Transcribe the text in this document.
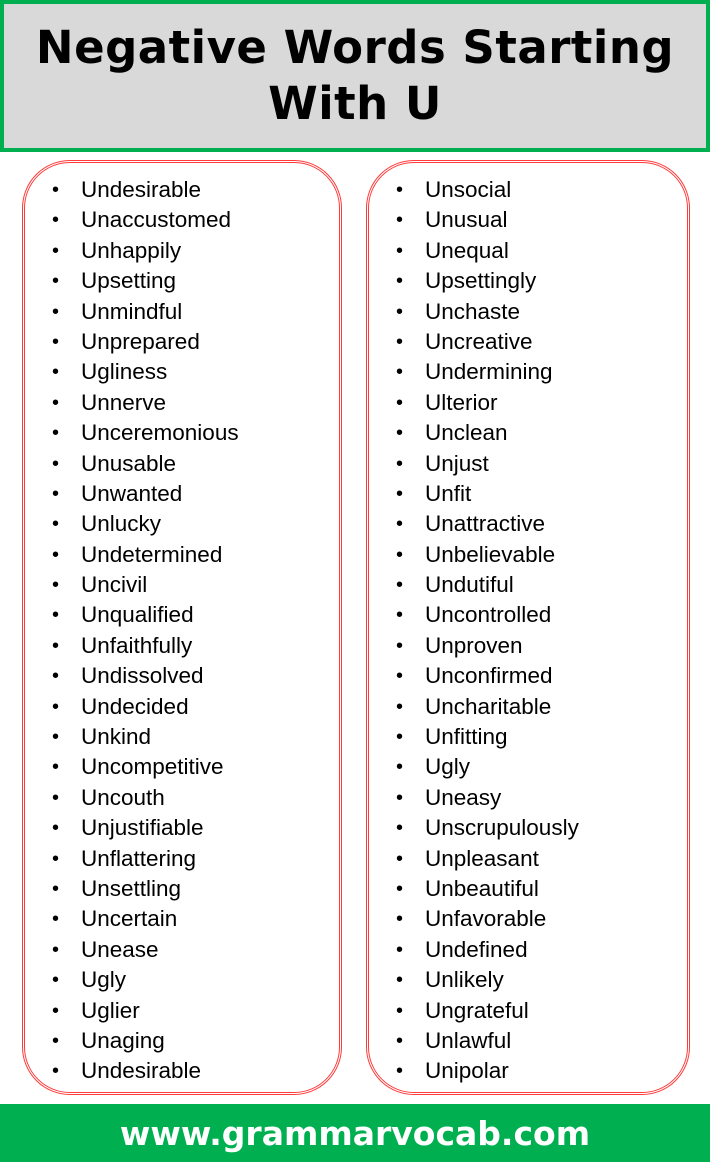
Negative Words Starting With U
• Undesirable
• Unaccustomed
• Unhappily
• Upsetting
• Unmindful
• Unprepared
• Ugliness
• Unnerve
• Unceremonious
• Unusable
• Unwanted
• Unlucky
• Undetermined
• Uncivil
• Unqualified
• Unfaithfully
• Undissolved
• Undecided
• Unkind
• Uncompetitive
• Uncouth
• Unjustifiable
• Unflattering
• Unsettling
• Uncertain
• Unease
• Ugly
• Uglier
• Unaging
• Undesirable
• Unsocial
• Unusual
• Unequal
• Upsettingly
• Unchaste
• Uncreative
• Undermining
• Ulterior
• Unclean
• Unjust
• Unfit
• Unattractive
• Unbelievable
• Undutiful
• Uncontrolled
• Unproven
• Unconfirmed
• Uncharitable
• Unfitting
• Ugly
• Uneasy
• Unscrupulously
• Unpleasant
• Unbeautiful
• Unfavorable
• Undefined
• Unlikely
• Ungrateful
• Unlawful
• Unipolar
www.grammarvocab.com
